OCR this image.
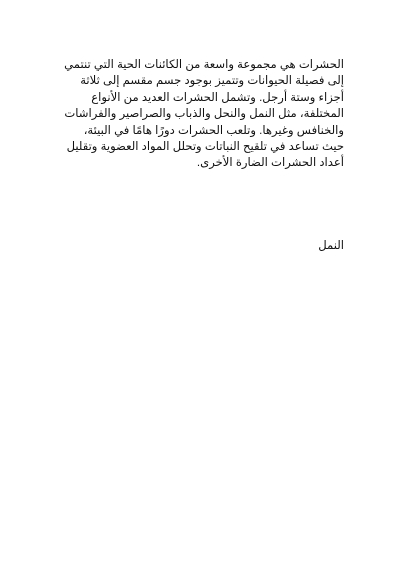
الحشرات هي مجموعة واسعة من الكائنات الحية التي تنتمي
إلى فصيلة الحيوانات وتتميز بوجود جسم مقسم إلى ثلاثة
أجزاء وستة أرجل. وتشمل الحشرات العديد من الأنواع
المختلفة، مثل النمل والنحل والذباب والصراصير والفراشات
والخنافس وغيرها. وتلعب الحشرات دورًا هامًا في البيئة،
حيث تساعد في تلقيح النباتات وتحلل المواد العضوية وتقليل
أعداد الحشرات الضارة الأخرى.

النمل
